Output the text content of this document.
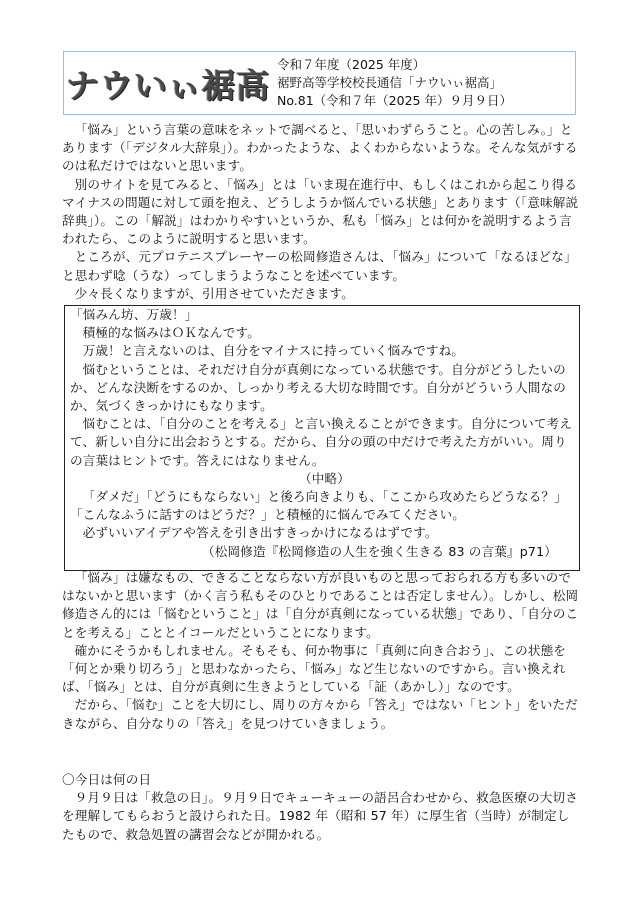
ナウいぃ裾高
令和７年度（2025 年度）
裾野高等学校校長通信「ナウいぃ裾高」
No.81（令和７年（2025 年）９月９日）

「悩み」という言葉の意味をネットで調べると、「思いわずらうこと。心の苦しみ。」とあります（「デジタル大辞泉」）。わかったような、よくわからないような。そんな気がするのは私だけではないと思います。

別のサイトを見てみると、「悩み」とは「いま現在進行中、もしくはこれから起こり得るマイナスの問題に対して頭を抱え、どうしようか悩んでいる状態」とあります（「意味解説辞典」）。この「解説」はわかりやすいというか、私も「悩み」とは何かを説明するよう言われたら、このように説明すると思います。

ところが、元プロテニスプレーヤーの松岡修造さんは、「悩み」について「なるほどな」と思わず唸（うな）ってしまうようなことを述べています。

少々長くなりますが、引用させていただきます。

「悩みん坊、万歳！」

積極的な悩みはＯＫなんです。

万歳！と言えないのは、自分をマイナスに持っていく悩みですね。

悩むということは、それだけ自分が真剣になっている状態です。自分がどうしたいのか、どんな決断をするのか、しっかり考える大切な時間です。自分がどういう人間なのか、気づくきっかけにもなります。

悩むことは、「自分のことを考える」と言い換えることができます。自分について考えて、新しい自分に出会おうとする。だから、自分の頭の中だけで考えた方がいい。周りの言葉はヒントです。答えにはなりません。

（中略）

「ダメだ」「どうにもならない」と後ろ向きよりも、「ここから攻めたらどうなる？」「こんなふうに話すのはどうだ？」と積極的に悩んでみてください。

必ずいいアイデアや答えを引き出すきっかけになるはずです。

（松岡修造『松岡修造の人生を強く生きる 83 の言葉』p71）

「悩み」は嫌なもの、できることならない方が良いものと思っておられる方も多いのではないかと思います（かく言う私もそのひとりであることは否定しません）。しかし、松岡修造さん的には「悩むということ」は「自分が真剣になっている状態」であり、「自分のことを考える」こととイコールだということになります。

確かにそうかもしれません。そもそも、何か物事に「真剣に向き合おう」、この状態を「何とか乗り切ろう」と思わなかったら、「悩み」など生じないのですから。言い換えれば、「悩み」とは、自分が真剣に生きようとしている「証（あかし）」なのです。

だから、「悩む」ことを大切にし、周りの方々から「答え」ではない「ヒント」をいただきながら、自分なりの「答え」を見つけていきましょう。

〇今日は何の日

９月９日は「救急の日」。９月９日でキューキューの語呂合わせから、救急医療の大切さを理解してもらおうと設けられた日。1982 年（昭和 57 年）に厚生省（当時）が制定したもので、救急処置の講習会などが開かれる。
